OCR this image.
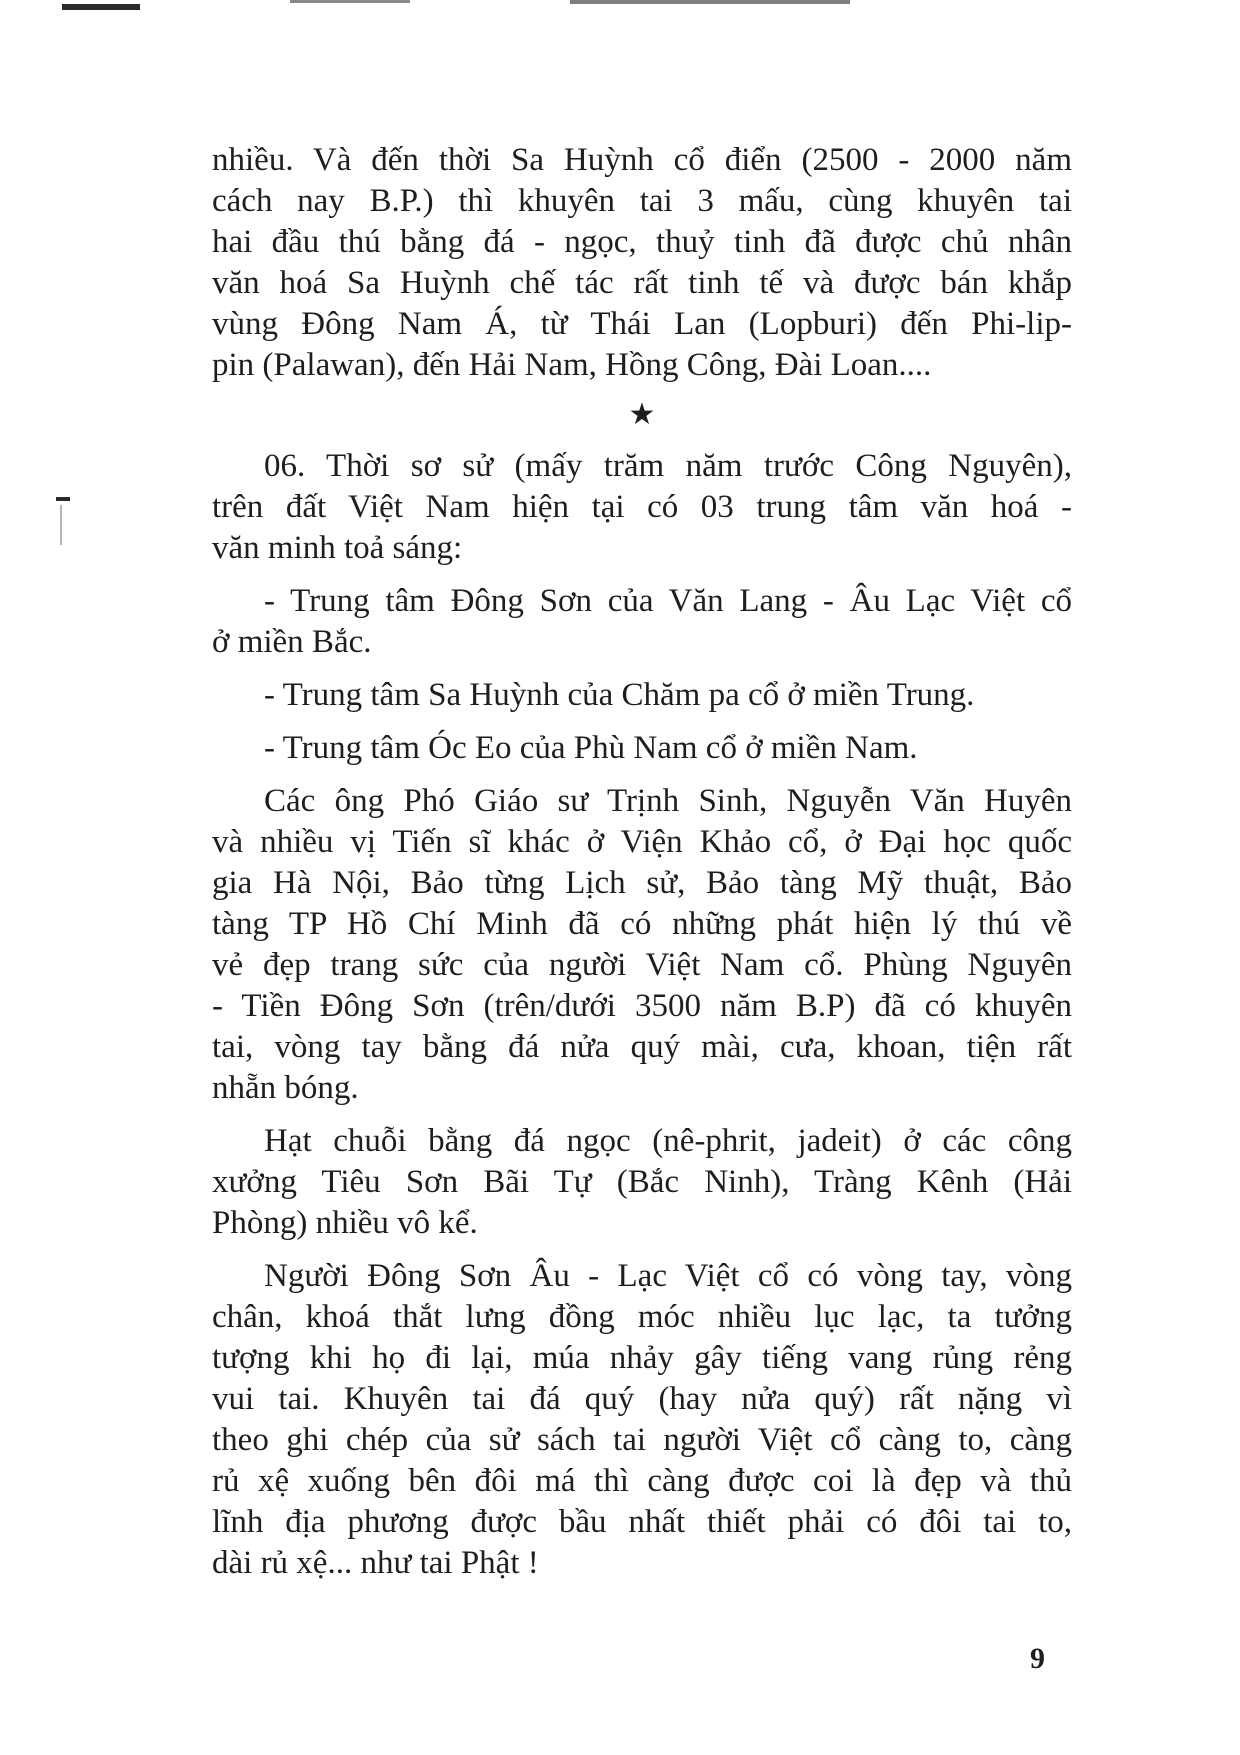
nhiều. Và đến thời Sa Huỳnh cổ điển (2500 - 2000 năm

cách nay B.P.) thì khuyên tai 3 mấu, cùng khuyên tai

hai đầu thú bằng đá - ngọc, thuỷ tinh đã được chủ nhân

văn hoá Sa Huỳnh chế tác rất tinh tế và được bán khắp

vùng Đông Nam Á, từ Thái Lan (Lopburi) đến Phi-lip-

pin (Palawan), đến Hải Nam, Hồng Công, Đài Loan....

★

06. Thời sơ sử (mấy trăm năm trước Công Nguyên),

trên đất Việt Nam hiện tại có 03 trung tâm văn hoá -

văn minh toả sáng:

- Trung tâm Đông Sơn của Văn Lang - Âu Lạc Việt cổ

ở miền Bắc.

- Trung tâm Sa Huỳnh của Chăm pa cổ ở miền Trung.

- Trung tâm Óc Eo của Phù Nam cổ ở miền Nam.

Các ông Phó Giáo sư Trịnh Sinh, Nguyễn Văn Huyên

và nhiều vị Tiến sĩ khác ở Viện Khảo cổ, ở Đại học quốc

gia Hà Nội, Bảo từng Lịch sử, Bảo tàng Mỹ thuật, Bảo

tàng TP Hồ Chí Minh đã có những phát hiện lý thú về

vẻ đẹp trang sức của người Việt Nam cổ. Phùng Nguyên

- Tiền Đông Sơn (trên/dưới 3500 năm B.P) đã có khuyên

tai, vòng tay bằng đá nửa quý mài, cưa, khoan, tiện rất

nhẵn bóng.

Hạt chuỗi bằng đá ngọc (nê-phrit, jadeit) ở các công

xưởng Tiêu Sơn Bãi Tự (Bắc Ninh), Tràng Kênh (Hải

Phòng) nhiều vô kể.

Người Đông Sơn Âu - Lạc Việt cổ có vòng tay, vòng

chân, khoá thắt lưng đồng móc nhiều lục lạc, ta tưởng

tượng khi họ đi lại, múa nhảy gây tiếng vang rủng rẻng

vui tai. Khuyên tai đá quý (hay nửa quý) rất nặng vì

theo ghi chép của sử sách tai người Việt cổ càng to, càng

rủ xệ xuống bên đôi má thì càng được coi là đẹp và thủ

lĩnh địa phương được bầu nhất thiết phải có đôi tai to,

dài rủ xệ... như tai Phật !

9
